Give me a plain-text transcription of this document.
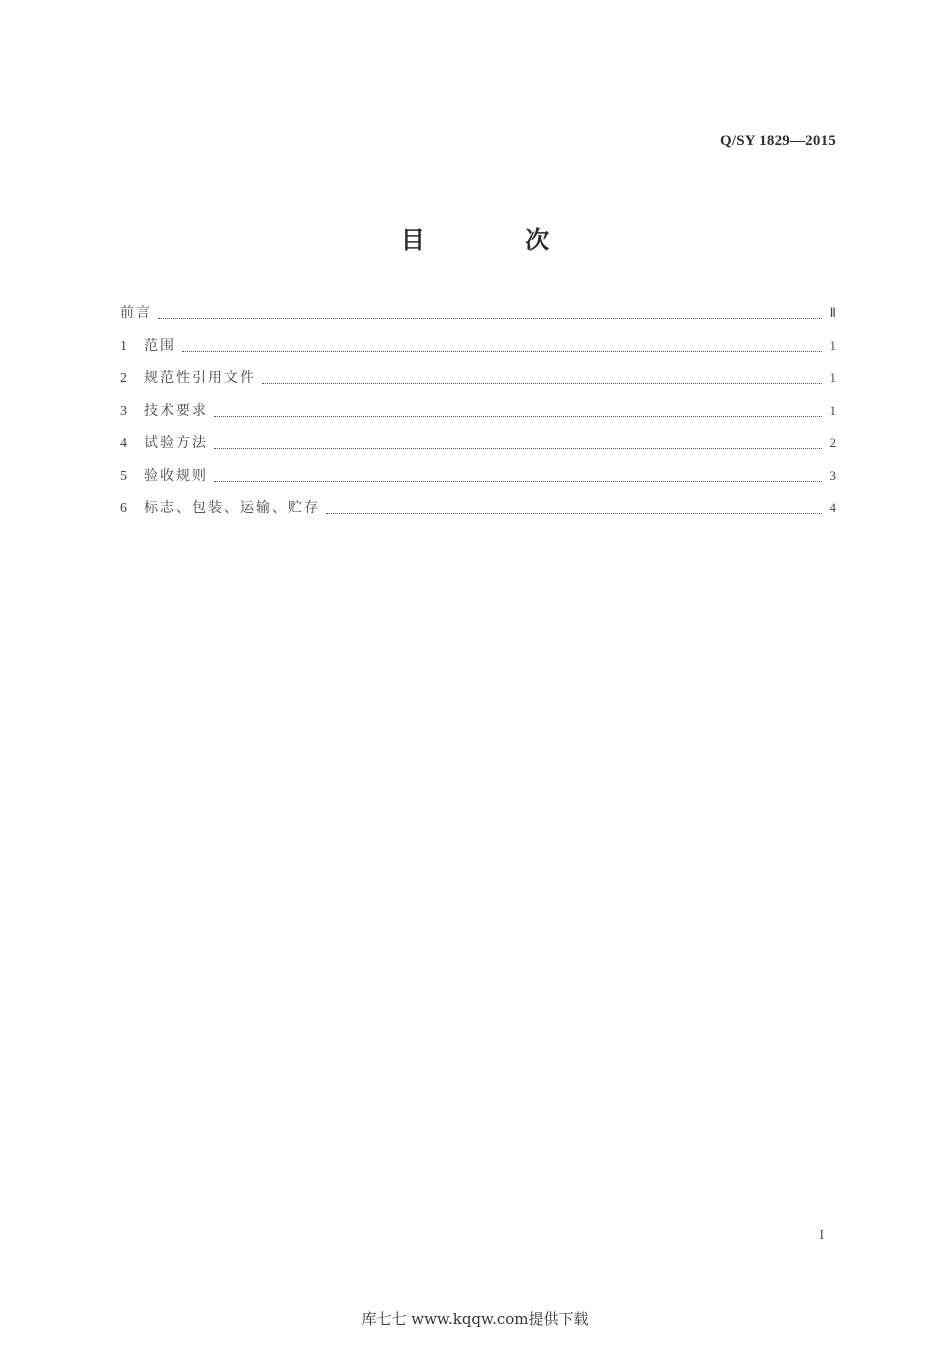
Q/SY 1829—2015
目 次
前言	Ⅱ
1	范围	1
2	规范性引用文件	1
3	技术要求	1
4	试验方法	2
5	验收规则	3
6	标志、包装、运输、贮存	4
I
库七七 www.kqqw.com提供下载
